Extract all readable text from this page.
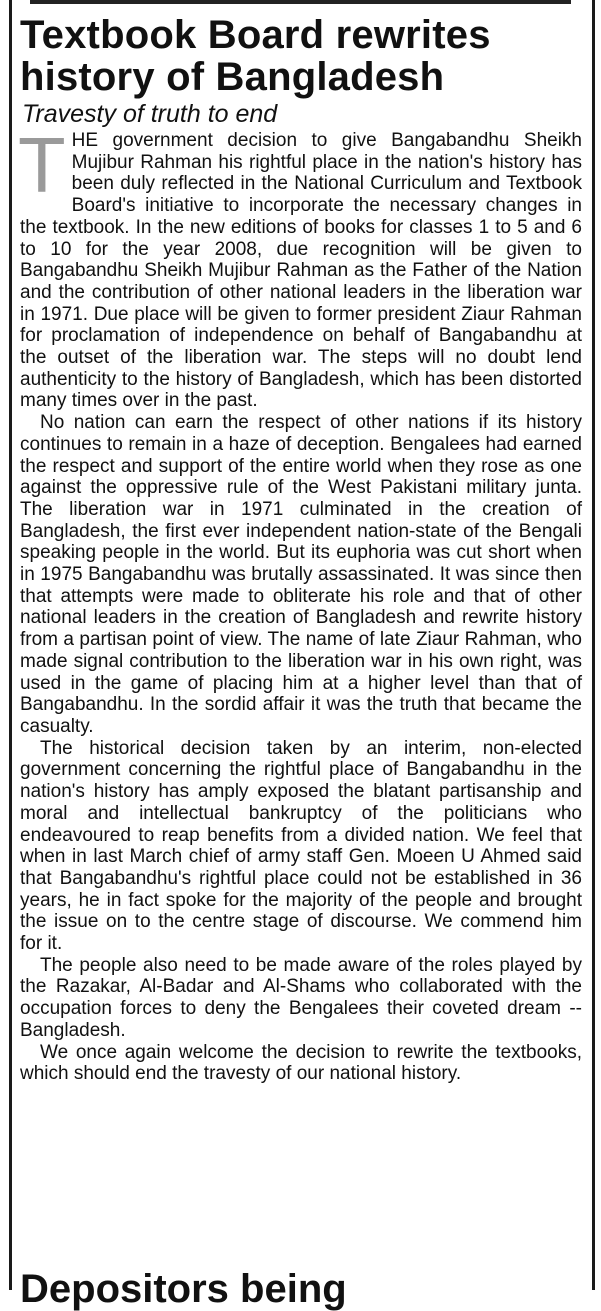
Textbook Board rewrites history of Bangladesh
Travesty of truth to end

THE government decision to give Bangabandhu Sheikh Mujibur Rahman his rightful place in the nation's history has been duly reflected in the National Curriculum and Textbook Board's initiative to incorporate the necessary changes in the textbook. In the new editions of books for classes 1 to 5 and 6 to 10 for the year 2008, due recognition will be given to Bangabandhu Sheikh Mujibur Rahman as the Father of the Nation and the contribution of other national leaders in the liberation war in 1971. Due place will be given to former president Ziaur Rahman for proclamation of independence on behalf of Bangabandhu at the outset of the liberation war. The steps will no doubt lend authenticity to the history of Bangladesh, which has been distorted many times over in the past.

No nation can earn the respect of other nations if its history continues to remain in a haze of deception. Bengalees had earned the respect and support of the entire world when they rose as one against the oppressive rule of the West Pakistani military junta. The liberation war in 1971 culminated in the creation of Bangladesh, the first ever independent nation-state of the Bengali speaking people in the world. But its euphoria was cut short when in 1975 Bangabandhu was brutally assassinated. It was since then that attempts were made to obliterate his role and that of other national leaders in the creation of Bangladesh and rewrite history from a partisan point of view. The name of late Ziaur Rahman, who made signal contribution to the liberation war in his own right, was used in the game of placing him at a higher level than that of Bangabandhu. In the sordid affair it was the truth that became the casualty.

The historical decision taken by an interim, non-elected government concerning the rightful place of Bangabandhu in the nation's history has amply exposed the blatant partisanship and moral and intellectual bankruptcy of the politicians who endeavoured to reap benefits from a divided nation. We feel that when in last March chief of army staff Gen. Moeen U Ahmed said that Bangabandhu's rightful place could not be established in 36 years, he in fact spoke for the majority of the people and brought the issue on to the centre stage of discourse. We commend him for it.

The people also need to be made aware of the roles played by the Razakar, Al-Badar and Al-Shams who collaborated with the occupation forces to deny the Bengalees their coveted dream -- Bangladesh.

We once again welcome the decision to rewrite the textbooks, which should end the travesty of our national history.

Depositors being
